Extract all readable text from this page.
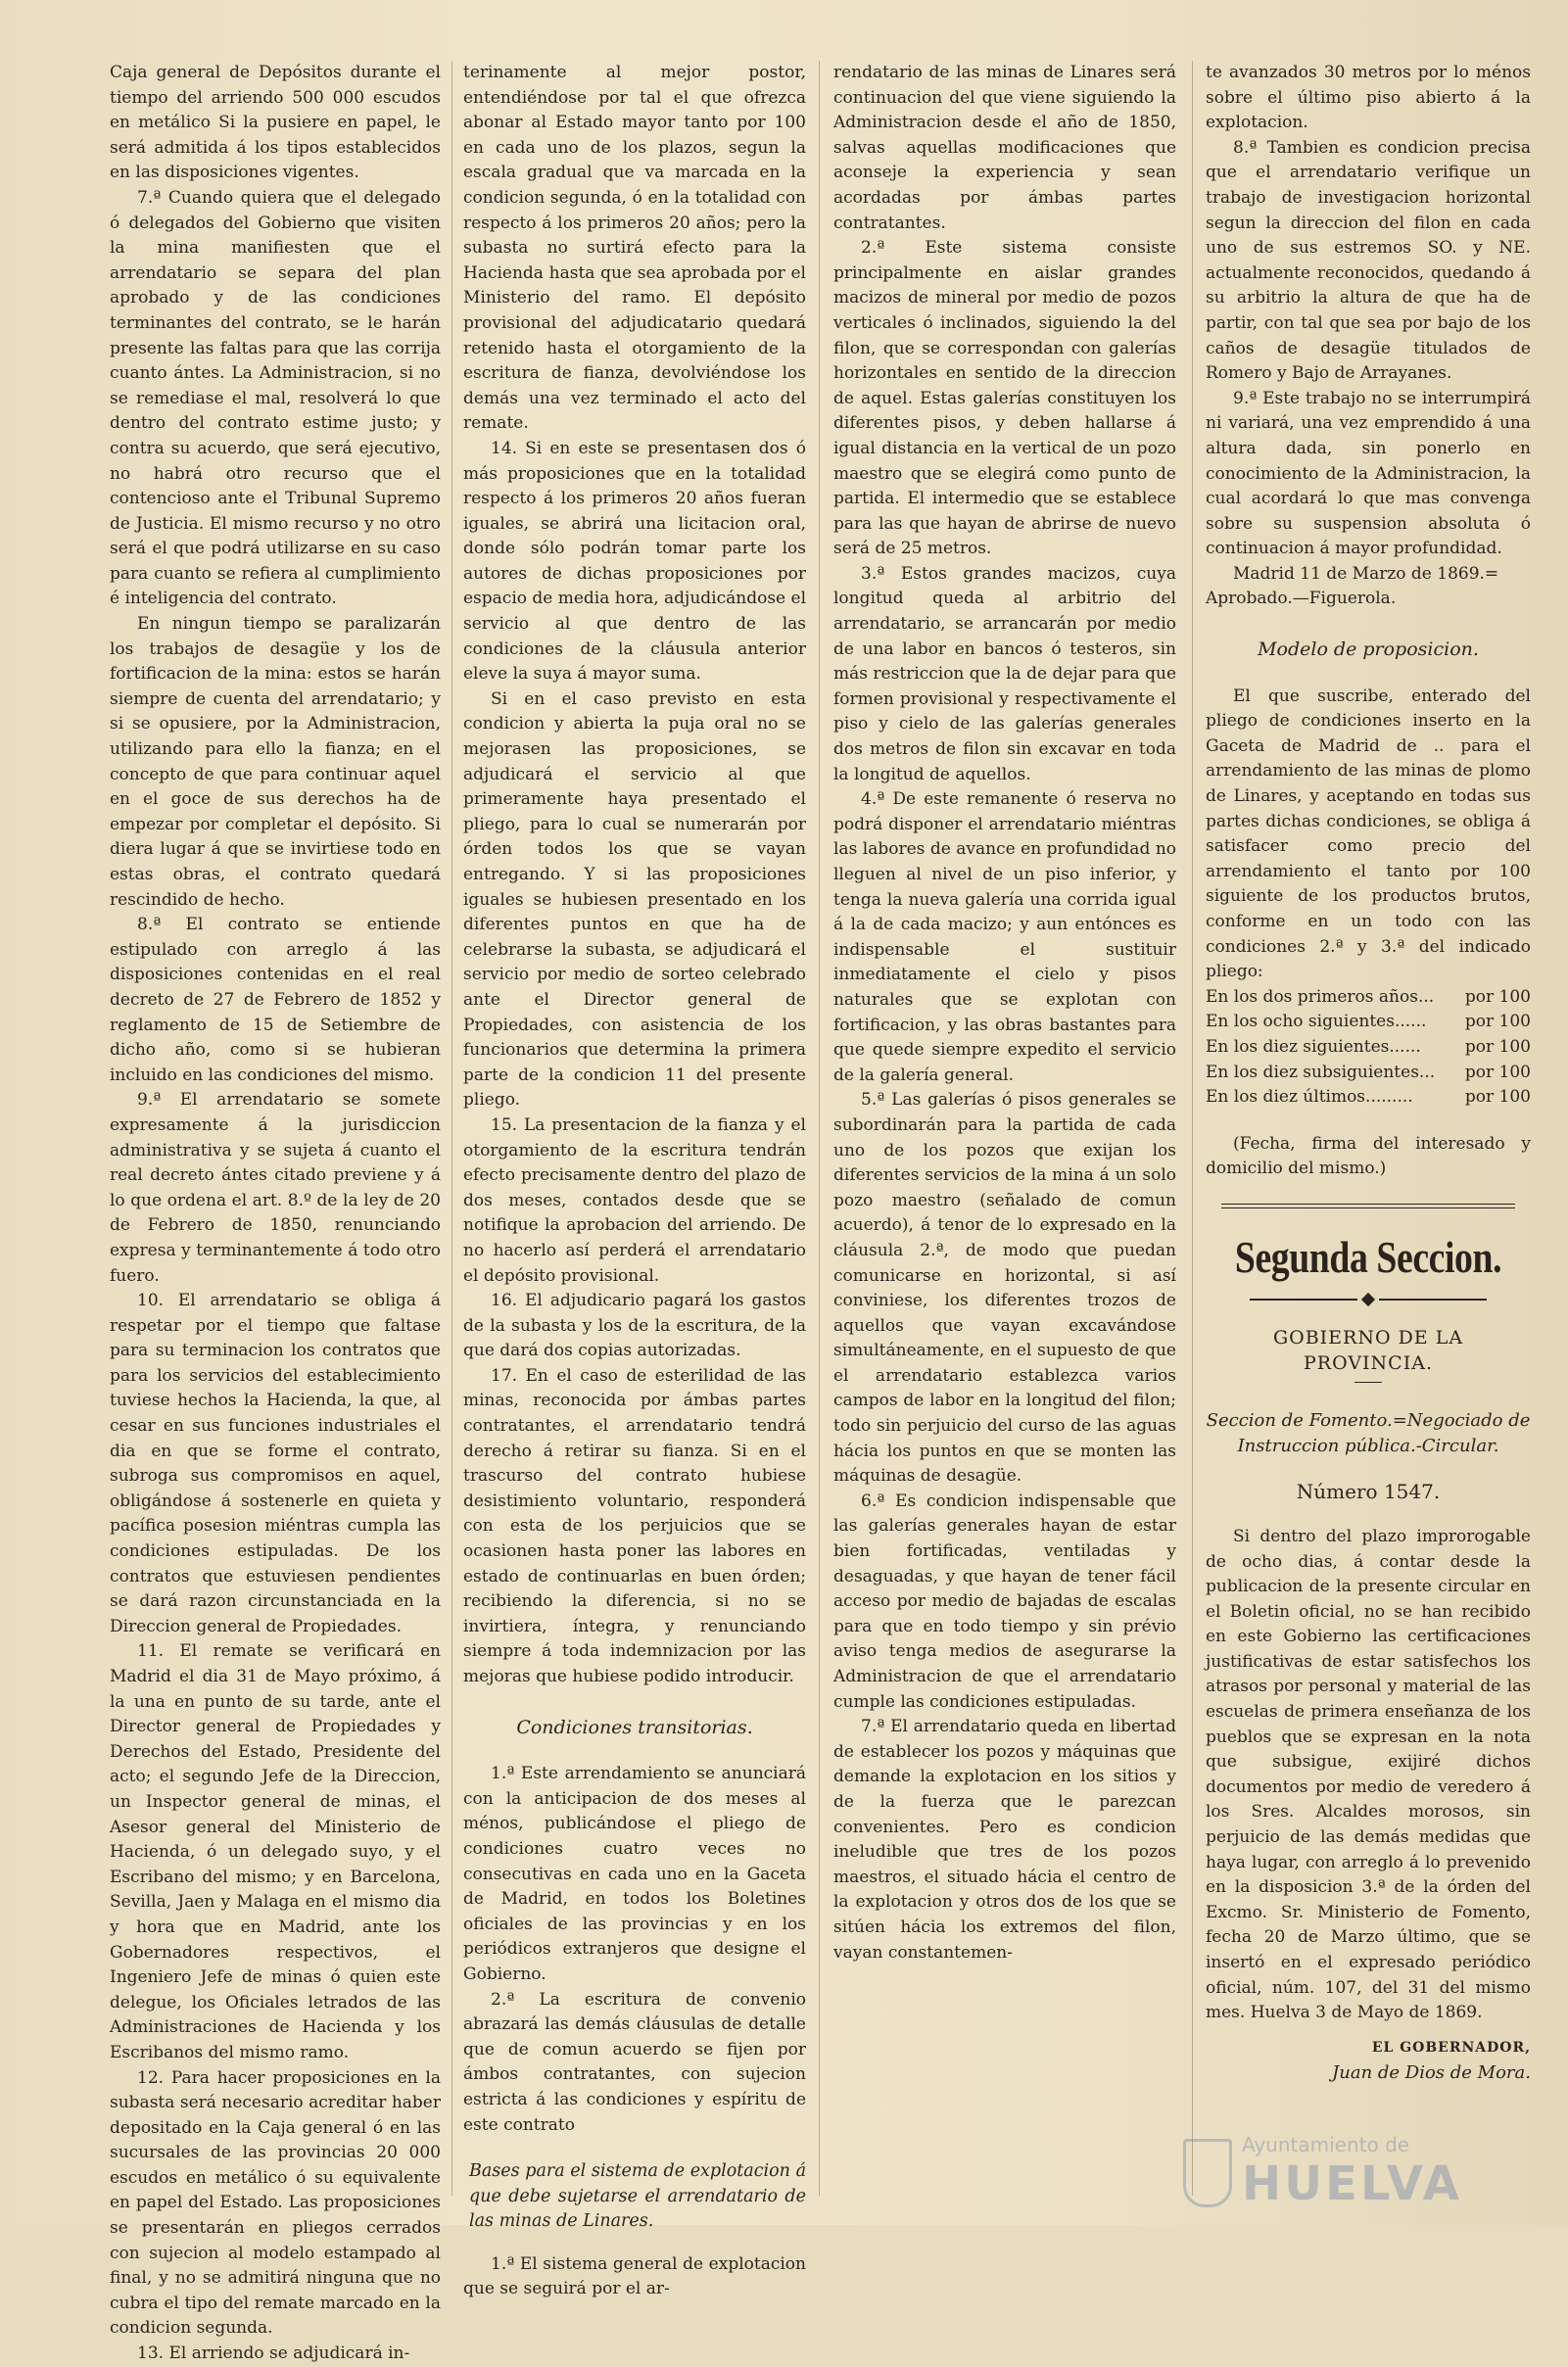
Caja general de Depósitos durante el tiempo del arriendo 500 000 escudos en metálico Si la pusiere en papel, le será admitida á los tipos establecidos en las disposiciones vigentes.

7.ª Cuando quiera que el delegado ó delegados del Gobierno que visiten la mina manifiesten que el arrendatario se separa del plan aprobado y de las condiciones terminantes del contrato, se le harán presente las faltas para que las corrija cuanto ántes. La Administracion, si no se remediase el mal, resolverá lo que dentro del contrato estime justo; y contra su acuerdo, que será ejecutivo, no habrá otro recurso que el contencioso ante el Tribunal Supremo de Justicia. El mismo recurso y no otro será el que podrá utilizarse en su caso para cuanto se refiera al cumplimiento é inteligencia del contrato.

En ningun tiempo se paralizarán los trabajos de desagüe y los de fortificacion de la mina: estos se harán siempre de cuenta del arrendatario; y si se opusiere, por la Administracion, utilizando para ello la fianza; en el concepto de que para continuar aquel en el goce de sus derechos ha de empezar por completar el depósito. Si diera lugar á que se invirtiese todo en estas obras, el contrato quedará rescindido de hecho.

8.ª El contrato se entiende estipulado con arreglo á las disposiciones contenidas en el real decreto de 27 de Febrero de 1852 y reglamento de 15 de Setiembre de dicho año, como si se hubieran incluido en las condiciones del mismo.

9.ª El arrendatario se somete expresamente á la jurisdiccion administrativa y se sujeta á cuanto el real decreto ántes citado previene y á lo que ordena el art. 8.º de la ley de 20 de Febrero de 1850, renunciando expresa y terminantemente á todo otro fuero.

10. El arrendatario se obliga á respetar por el tiempo que faltase para su terminacion los contratos que para los servicios del establecimiento tuviese hechos la Hacienda, la que, al cesar en sus funciones industriales el dia en que se forme el contrato, subroga sus compromisos en aquel, obligándose á sostenerle en quieta y pacífica posesion miéntras cumpla las condiciones estipuladas. De los contratos que estuviesen pendientes se dará razon circunstanciada en la Direccion general de Propiedades.

11. El remate se verificará en Madrid el dia 31 de Mayo próximo, á la una en punto de su tarde, ante el Director general de Propiedades y Derechos del Estado, Presidente del acto; el segundo Jefe de la Direccion, un Inspector general de minas, el Asesor general del Ministerio de Hacienda, ó un delegado suyo, y el Escribano del mismo; y en Barcelona, Sevilla, Jaen y Malaga en el mismo dia y hora que en Madrid, ante los Gobernadores respectivos, el Ingeniero Jefe de minas ó quien este delegue, los Oficiales letrados de las Administraciones de Hacienda y los Escribanos del mismo ramo.

12. Para hacer proposiciones en la subasta será necesario acreditar haber depositado en la Caja general ó en las sucursales de las provincias 20 000 escudos en metálico ó su equivalente en papel del Estado. Las proposiciones se presentarán en pliegos cerrados con sujecion al modelo estampado al final, y no se admitirá ninguna que no cubra el tipo del remate marcado en la condicion segunda.

13. El arriendo se adjudicará in-

terinamente al mejor postor, entendiéndose por tal el que ofrezca abonar al Estado mayor tanto por 100 en cada uno de los plazos, segun la escala gradual que va marcada en la condicion segunda, ó en la totalidad con respecto á los primeros 20 años; pero la subasta no surtirá efecto para la Hacienda hasta que sea aprobada por el Ministerio del ramo. El depósito provisional del adjudicatario quedará retenido hasta el otorgamiento de la escritura de fianza, devolviéndose los demás una vez terminado el acto del remate.

14. Si en este se presentasen dos ó más proposiciones que en la totalidad respecto á los primeros 20 años fueran iguales, se abrirá una licitacion oral, donde sólo podrán tomar parte los autores de dichas proposiciones por espacio de media hora, adjudicándose el servicio al que dentro de las condiciones de la cláusula anterior eleve la suya á mayor suma.

Si en el caso previsto en esta condicion y abierta la puja oral no se mejorasen las proposiciones, se adjudicará el servicio al que primeramente haya presentado el pliego, para lo cual se numerarán por órden todos los que se vayan entregando. Y si las proposiciones iguales se hubiesen presentado en los diferentes puntos en que ha de celebrarse la subasta, se adjudicará el servicio por medio de sorteo celebrado ante el Director general de Propiedades, con asistencia de los funcionarios que determina la primera parte de la condicion 11 del presente pliego.

15. La presentacion de la fianza y el otorgamiento de la escritura tendrán efecto precisamente dentro del plazo de dos meses, contados desde que se notifique la aprobacion del arriendo. De no hacerlo así perderá el arrendatario el depósito provisional.

16. El adjudicario pagará los gastos de la subasta y los de la escritura, de la que dará dos copias autorizadas.

17. En el caso de esterilidad de las minas, reconocida por ámbas partes contratantes, el arrendatario tendrá derecho á retirar su fianza. Si en el trascurso del contrato hubiese desistimiento voluntario, responderá con esta de los perjuicios que se ocasionen hasta poner las labores en estado de continuarlas en buen órden; recibiendo la diferencia, si no se invirtiera, íntegra, y renunciando siempre á toda indemnizacion por las mejoras que hubiese podido introducir.

Condiciones transitorias.

1.ª Este arrendamiento se anunciará con la anticipacion de dos meses al ménos, publicándose el pliego de condiciones cuatro veces no consecutivas en cada uno en la Gaceta de Madrid, en todos los Boletines oficiales de las provincias y en los periódicos extranjeros que designe el Gobierno.

2.ª La escritura de convenio abrazará las demás cláusulas de detalle que de comun acuerdo se fijen por ámbos contratantes, con sujecion estricta á las condiciones y espíritu de este contrato

Bases para el sistema de explotacion á que debe sujetarse el arrendatario de las minas de Linares.

1.ª El sistema general de explotacion que se seguirá por el ar-

rendatario de las minas de Linares será continuacion del que viene siguiendo la Administracion desde el año de 1850, salvas aquellas modificaciones que aconseje la experiencia y sean acordadas por ámbas partes contratantes.

2.ª Este sistema consiste principalmente en aislar grandes macizos de mineral por medio de pozos verticales ó inclinados, siguiendo la del filon, que se correspondan con galerías horizontales en sentido de la direccion de aquel. Estas galerías constituyen los diferentes pisos, y deben hallarse á igual distancia en la vertical de un pozo maestro que se elegirá como punto de partida. El intermedio que se establece para las que hayan de abrirse de nuevo será de 25 metros.

3.ª Estos grandes macizos, cuya longitud queda al arbitrio del arrendatario, se arrancarán por medio de una labor en bancos ó testeros, sin más restriccion que la de dejar para que formen provisional y respectivamente el piso y cielo de las galerías generales dos metros de filon sin excavar en toda la longitud de aquellos.

4.ª De este remanente ó reserva no podrá disponer el arrendatario miéntras las labores de avance en profundidad no lleguen al nivel de un piso inferior, y tenga la nueva galería una corrida igual á la de cada macizo; y aun entónces es indispensable el sustituir inmediatamente el cielo y pisos naturales que se explotan con fortificacion, y las obras bastantes para que quede siempre expedito el servicio de la galería general.

5.ª Las galerías ó pisos generales se subordinarán para la partida de cada uno de los pozos que exijan los diferentes servicios de la mina á un solo pozo maestro (señalado de comun acuerdo), á tenor de lo expresado en la cláusula 2.ª, de modo que puedan comunicarse en horizontal, si así conviniese, los diferentes trozos de aquellos que vayan excavándose simultáneamente, en el supuesto de que el arrendatario establezca varios campos de labor en la longitud del filon; todo sin perjuicio del curso de las aguas hácia los puntos en que se monten las máquinas de desagüe.

6.ª Es condicion indispensable que las galerías generales hayan de estar bien fortificadas, ventiladas y desaguadas, y que hayan de tener fácil acceso por medio de bajadas de escalas para que en todo tiempo y sin prévio aviso tenga medios de asegurarse la Administracion de que el arrendatario cumple las condiciones estipuladas.

7.ª El arrendatario queda en libertad de establecer los pozos y máquinas que demande la explotacion en los sitios y de la fuerza que le parezcan convenientes. Pero es condicion ineludible que tres de los pozos maestros, el situado hácia el centro de la explotacion y otros dos de los que se sitúen hácia los extremos del filon, vayan constantemen-

te avanzados 30 metros por lo ménos sobre el último piso abierto á la explotacion.

8.ª Tambien es condicion precisa que el arrendatario verifique un trabajo de investigacion horizontal segun la direccion del filon en cada uno de sus estremos SO. y NE. actualmente reconocidos, quedando á su arbitrio la altura de que ha de partir, con tal que sea por bajo de los caños de desagüe titulados de Romero y Bajo de Arrayanes.

9.ª Este trabajo no se interrumpirá ni variará, una vez emprendido á una altura dada, sin ponerlo en conocimiento de la Administracion, la cual acordará lo que mas convenga sobre su suspension absoluta ó continuacion á mayor profundidad.

Madrid 11 de Marzo de 1869.=

Aprobado.—Figuerola.

Modelo de proposicion.

El que suscribe, enterado del pliego de condiciones inserto en la Gaceta de Madrid de .. para el arrendamiento de las minas de plomo de Linares, y aceptando en todas sus partes dichas condiciones, se obliga á satisfacer como precio del arrendamiento el tanto por 100 siguiente de los productos brutos, conforme en un todo con las condiciones 2.ª y 3.ª del indicado pliego:

En los dos primeros años... por 100
En los ocho siguientes...... por 100
En los diez siguientes......	por 100
En los diez subsiguientes... por 100
En los diez últimos.........	por 100

(Fecha, firma del interesado y domicilio del mismo.)

Segunda Seccion.
GOBIERNO DE LA PROVINCIA.
Seccion de Fomento.=Negociado de Instruccion pública.-Circular.
Número 1547.

Si dentro del plazo improrogable de ocho dias, á contar desde la publicacion de la presente circular en el Boletin oficial, no se han recibido en este Gobierno las certificaciones justificativas de estar satisfechos los atrasos por personal y material de las escuelas de primera enseñanza de los pueblos que se expresan en la nota que subsigue, exijiré dichos documentos por medio de veredero á los Sres. Alcaldes morosos, sin perjuicio de las demás medidas que haya lugar, con arreglo á lo prevenido en la disposicion 3.ª de la órden del Excmo. Sr. Ministerio de Fomento, fecha 20 de Marzo último, que se insertó en el expresado periódico oficial, núm. 107, del 31 del mismo mes. Huelva 3 de Mayo de 1869.

EL GOBERNADOR,
Juan de Dios de Mora.
Ayuntamiento de
HUELVA
